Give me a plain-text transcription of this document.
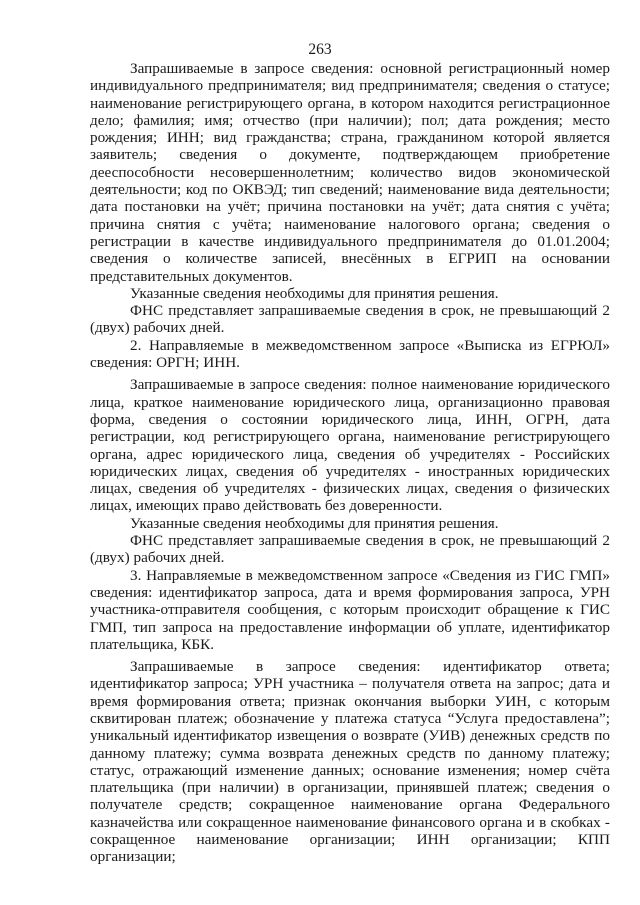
263

Запрашиваемые в запросе сведения: основной регистрационный номер индивидуального предпринимателя; вид предпринимателя; сведения о статусе; наименование регистрирующего органа, в котором находится регистрационное дело; фамилия; имя; отчество (при наличии); пол; дата рождения; место рождения; ИНН; вид гражданства; страна, гражданином которой является заявитель; сведения о документе, подтверждающем приобретение дееспособности несовершеннолетним; количество видов экономической деятельности; код по ОКВЭД; тип сведений; наименование вида деятельности; дата постановки на учёт; причина постановки на учёт; дата снятия с учёта; причина снятия с учёта; наименование налогового органа; сведения о регистрации в качестве индивидуального предпринимателя до 01.01.2004; сведения о количестве записей, внесённых в ЕГРИП на основании представительных документов.

Указанные сведения необходимы для принятия решения.

ФНС представляет запрашиваемые сведения в срок, не превышающий 2 (двух) рабочих дней.

2. Направляемые в межведомственном запросе «Выписка из ЕГРЮЛ» сведения: ОРГН; ИНН.

Запрашиваемые в запросе сведения: полное наименование юридического лица, краткое наименование юридического лица, организационно правовая форма, сведения о состоянии юридического лица, ИНН, ОГРН, дата регистрации, код регистрирующего органа, наименование регистрирующего органа, адрес юридического лица, сведения об учредителях - Российских юридических лицах, сведения об учредителях - иностранных юридических лицах, сведения об учредителях - физических лицах, сведения о физических лицах, имеющих право действовать без доверенности.

Указанные сведения необходимы для принятия решения.

ФНС представляет запрашиваемые сведения в срок, не превышающий 2 (двух) рабочих дней.

3. Направляемые в межведомственном запросе «Сведения из ГИС ГМП» сведения: идентификатор запроса, дата и время формирования запроса, УРН участника-отправителя сообщения, с которым происходит обращение к ГИС ГМП, тип запроса на предоставление информации об уплате, идентификатор плательщика, КБК.

Запрашиваемые в запросе сведения: идентификатор ответа; идентификатор запроса; УРН участника – получателя ответа на запрос; дата и время формирования ответа; признак окончания выборки УИН, с которым сквитирован платеж; обозначение у платежа статуса “Услуга предоставлена”; уникальный идентификатор извещения о возврате (УИВ) денежных средств по данному платежу; сумма возврата денежных средств по данному платежу; статус, отражающий изменение данных; основание изменения; номер счёта плательщика (при наличии) в организации, принявшей платеж; сведения о получателе средств; сокращенное наименование органа Федерального казначейства или сокращенное наименование финансового органа и в скобках - сокращенное наименование организации; ИНН организации; КПП организации;
